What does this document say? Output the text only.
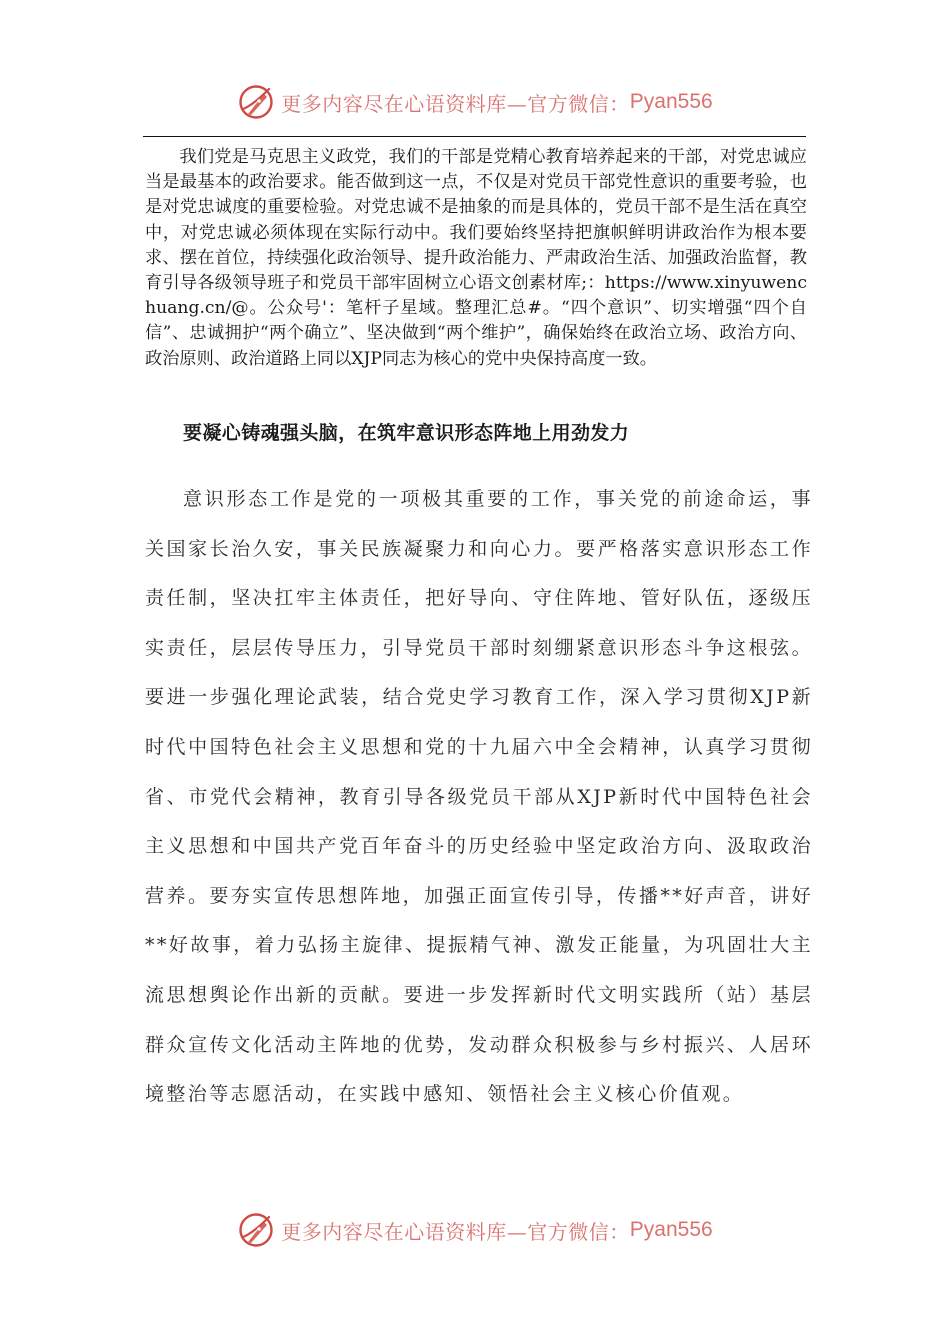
更多内容尽在心语资料库—官方微信： Pyan556

我们党是马克思主义政党，我们的干部是党精心教育培养起来的干部，对党忠诚应当是最基本的政治要求。能否做到这一点，不仅是对党员干部党性意识的重要考验，也是对党忠诚度的重要检验。对党忠诚不是抽象的而是具体的，党员干部不是生活在真空中，对党忠诚必须体现在实际行动中。我们要始终坚持把旗帜鲜明讲政治作为根本要求、摆在首位，持续强化政治领导、提升政治能力、严肃政治生活、加强政治监督，教育引导各级领导班子和党员干部牢固树立心语文创素材库;：https://www.xinyuwenchuang.cn/@。公众号'：笔杆子星域。整理汇总#。“四个意识”、切实增强“四个自信”、忠诚拥护“两个确立”、坚决做到“两个维护”，确保始终在政治立场、政治方向、政治原则、政治道路上同以XJP同志为核心的党中央保持高度一致。

要凝心铸魂强头脑，在筑牢意识形态阵地上用劲发力

意识形态工作是党的一项极其重要的工作，事关党的前途命运，事关国家长治久安，事关民族凝聚力和向心力。要严格落实意识形态工作责任制，坚决扛牢主体责任，把好导向、守住阵地、管好队伍，逐级压实责任，层层传导压力，引导党员干部时刻绷紧意识形态斗争这根弦。要进一步强化理论武装，结合党史学习教育工作，深入学习贯彻XJP新时代中国特色社会主义思想和党的十九届六中全会精神，认真学习贯彻省、市党代会精神，教育引导各级党员干部从XJP新时代中国特色社会主义思想和中国共产党百年奋斗的历史经验中坚定政治方向、汲取政治营养。要夯实宣传思想阵地，加强正面宣传引导，传播**好声音，讲好**好故事，着力弘扬主旋律、提振精气神、激发正能量，为巩固壮大主流思想舆论作出新的贡献。要进一步发挥新时代文明实践所（站）基层群众宣传文化活动主阵地的优势，发动群众积极参与乡村振兴、人居环境整治等志愿活动，在实践中感知、领悟社会主义核心价值观。

更多内容尽在心语资料库—官方微信： Pyan556
